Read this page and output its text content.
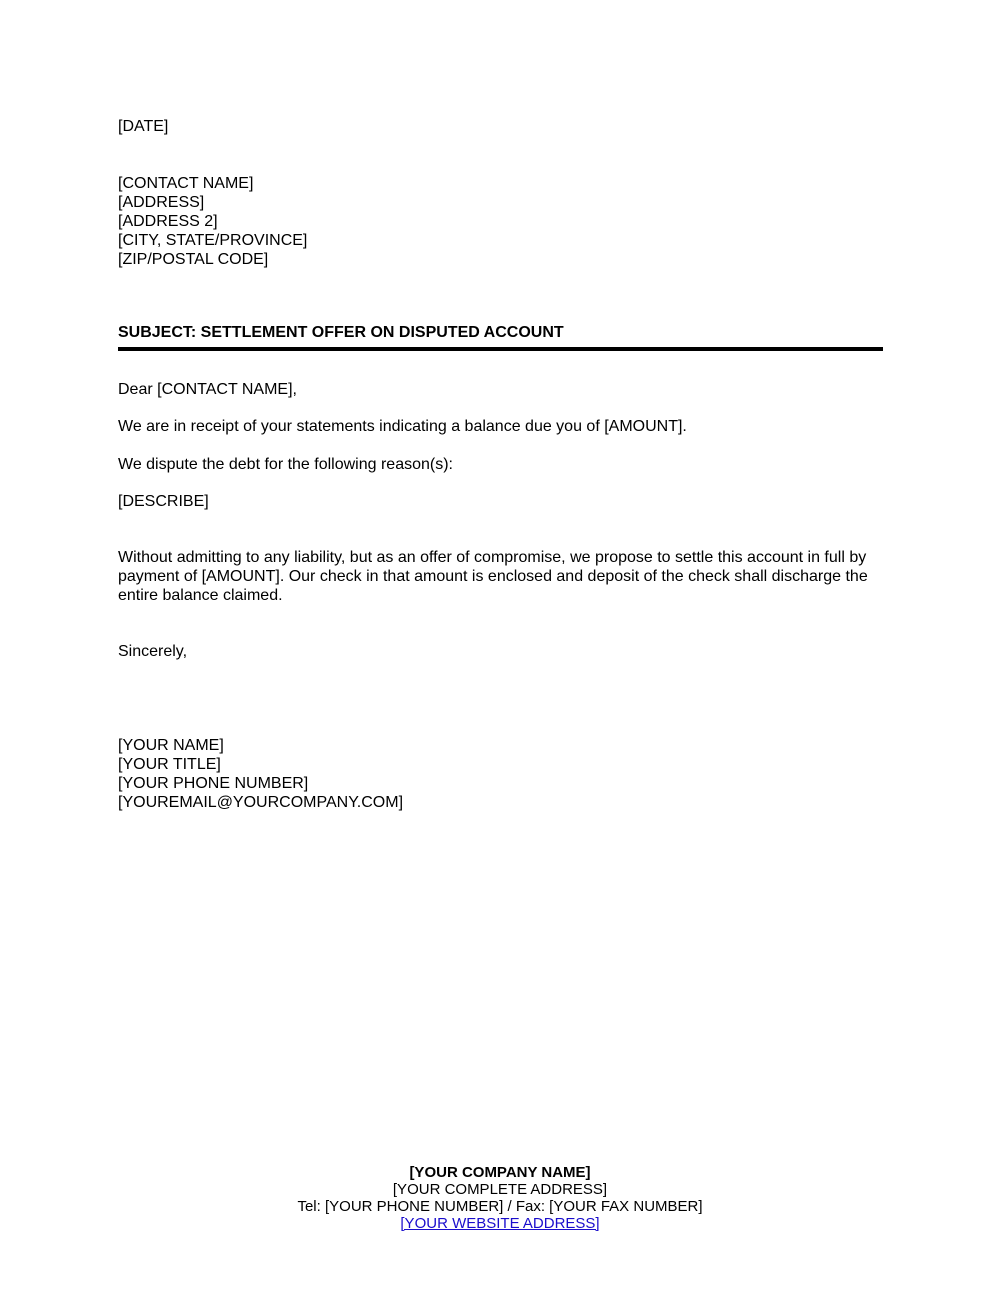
[DATE]
[CONTACT NAME]
[ADDRESS]
[ADDRESS 2]
[CITY, STATE/PROVINCE]
[ZIP/POSTAL CODE]
SUBJECT: SETTLEMENT OFFER ON DISPUTED ACCOUNT
Dear [CONTACT NAME],
We are in receipt of your statements indicating a balance due you of [AMOUNT].
We dispute the debt for the following reason(s):
[DESCRIBE]
Without admitting to any liability, but as an offer of compromise, we propose to settle this account in full by payment of [AMOUNT]. Our check in that amount is enclosed and deposit of the check shall discharge the entire balance claimed.
Sincerely,
[YOUR NAME]
[YOUR TITLE]
[YOUR PHONE NUMBER]
[YOUREMAIL@YOURCOMPANY.COM]
[YOUR COMPANY NAME]
[YOUR COMPLETE ADDRESS]
Tel: [YOUR PHONE NUMBER] / Fax: [YOUR FAX NUMBER]
[YOUR WEBSITE ADDRESS]
